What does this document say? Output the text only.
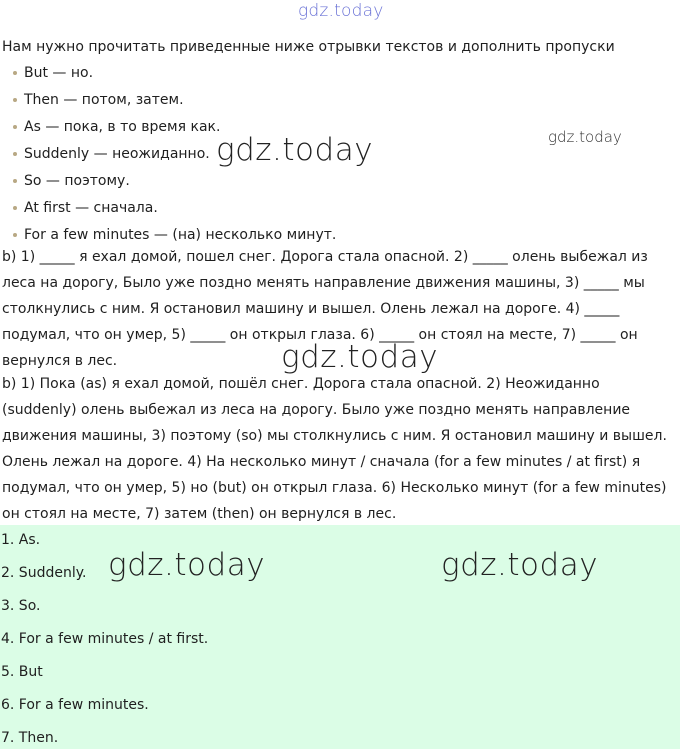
gdz.today
gdz.today
Нам нужно прочитать приведенные ниже отрывки текстов и дополнить пропуски
But — но.
Then — потом, затем.
As — пока, в то время как.
Suddenly — неожиданно.
So — поэтому.
At first — сначала.
For a few minutes — (на) несколько минут.

b) 1) _____ я ехал домой, пошел снег. Дорога стала опасной. 2) _____ олень выбежал из леса на дорогу, Было уже поздно менять направление движения машины, 3) _____ мы столкнулись с ним. Я остановил машину и вышел. Олень лежал на дороге. 4) _____ подумал, что он умер, 5) _____ он открыл глаза. 6) _____ он стоял на месте, 7) _____ он вернулся в лес.

b) 1) Пока (as) я ехал домой, пошёл снег. Дорога стала опасной. 2) Неожиданно (suddenly) олень выбежал из леса на дорогу. Было уже поздно менять направление движения машины, 3) поэтому (so) мы столкнулись с ним. Я остановил машину и вышел. Олень лежал на дороге. 4) На несколько минут / сначала (for a few minutes / at first) я подумал, что он умер, 5) но (but) он открыл глаза. 6) Несколько минут (for a few minutes) он стоял на месте, 7) затем (then) он вернулся в лес.

1. As.
2. Suddenly.
3. So.
4. For a few minutes / at first.
5. But
6. For a few minutes.
7. Then.
gdz.today
gdz.today
gdz.today	gdz.today
